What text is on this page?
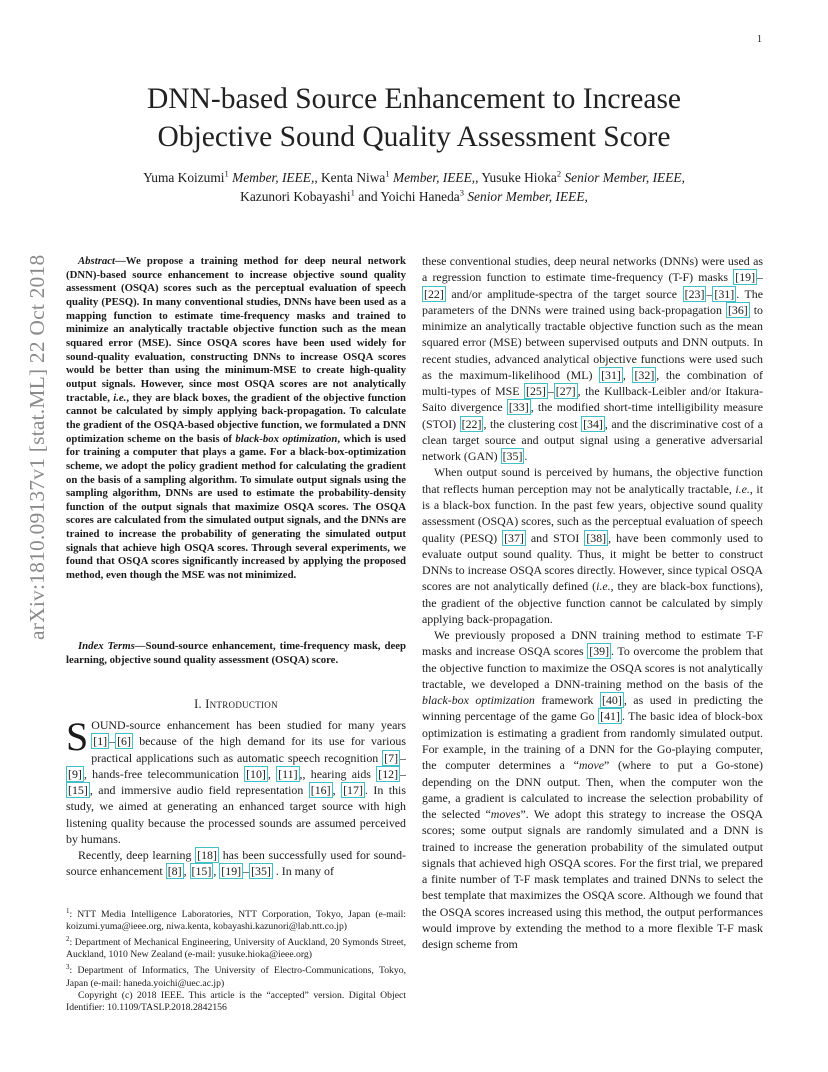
1
DNN-based Source Enhancement to Increase
Objective Sound Quality Assessment Score
Yuma Koizumi$^1$ Member, IEEE,, Kenta Niwa$^1$ Member, IEEE,, Yusuke Hioka$^2$ Senior Member, IEEE,
Kazunori Kobayashi$^1$ and Yoichi Haneda$^3$ Senior Member, IEEE,
arXiv:1810.09137v1 [stat.ML] 22 Oct 2018	Abstract—We propose a training method for deep neural network (DNN)-based source enhancement to increase objective sound quality assessment (OSQA) scores such as the perceptual evaluation of speech quality (PESQ). In many conventional studies, DNNs have been used as a mapping function to estimate time-frequency masks and trained to minimize an analytically tractable objective function such as the mean squared error (MSE). Since OSQA scores have been used widely for sound-quality evaluation, constructing DNNs to increase OSQA scores would be better than using the minimum-MSE to create high-quality output signals. However, since most OSQA scores are not analytically tractable, i.e., they are black boxes, the gradient of the objective function cannot be calculated by simply applying back-propagation. To calculate the gradient of the OSQA-based objective function, we formulated a DNN optimization scheme on the basis of black-box optimization, which is used for training a computer that plays a game. For a black-box-optimization scheme, we adopt the policy gradient method for calculating the gradient on the basis of a sampling algorithm. To simulate output signals using the sampling algorithm, DNNs are used to estimate the probability-density function of the output signals that maximize OSQA scores. The OSQA scores are calculated from the simulated output signals, and the DNNs are trained to increase the probability of generating the simulated output signals that achieve high OSQA scores. Through several experiments, we found that OSQA scores significantly increased by applying the proposed method, even though the MSE was not minimized.
Index Terms—Sound-source enhancement, time-frequency mask, deep learning, objective sound quality assessment (OSQA) score.
I. Introduction

SOUND-source enhancement has been studied for many years [1] – [6] because of the high demand for its use for various practical applications such as automatic speech recognition [7] –[9] , hands-free telecommunication [10] , [11] ,, hearing aids [12] –[15] , and immersive audio field representation [16] , [17] . In this study, we aimed at generating an enhanced target source with high listening quality because the processed sounds are assumed perceived by humans.

Recently, deep learning [18] has been successfully used for sound-source enhancement [8] , [15] , [19] – [35] . In many of

$^1$: NTT Media Intelligence Laboratories, NTT Corporation, Tokyo, Japan (e-mail: koizumi.yuma@ieee.org, niwa.kenta, kobayashi.kazunori@lab.ntt.co.jp)

$^2$: Department of Mechanical Engineering, University of Auckland, 20 Symonds Street, Auckland, 1010 New Zealand (e-mail: yusuke.hioka@ieee.org)

$^3$: Department of Informatics, The University of Electro-Communications, Tokyo, Japan (e-mail: haneda.yoichi@uec.ac.jp)

Copyright (c) 2018 IEEE. This article is the “accepted” version. Digital Object Identifier: 10.1109/TASLP.2018.2842156

these conventional studies, deep neural networks (DNNs) were used as a regression function to estimate time-frequency (T-F) masks [19] –[22] and/or amplitude-spectra of the target source [23] – [31] . The parameters of the DNNs were trained using back-propagation [36] to minimize an analytically tractable objective function such as the mean squared error (MSE) between supervised outputs and DNN outputs. In recent studies, advanced analytical objective functions were used such as the maximum-likelihood (ML) [31] , [32] , the combination of multi-types of MSE [25] – [27] , the Kullback-Leibler and/or Itakura-Saito divergence [33] , the modified short-time intelligibility measure (STOI) [22] , the clustering cost [34] , and the discriminative cost of a clean target source and output signal using a generative adversarial network (GAN) [35] .

When output sound is perceived by humans, the objective function that reflects human perception may not be analytically tractable, i.e., it is a black-box function. In the past few years, objective sound quality assessment (OSQA) scores, such as the perceptual evaluation of speech quality (PESQ) [37] and STOI [38] , have been commonly used to evaluate output sound quality. Thus, it might be better to construct DNNs to increase OSQA scores directly. However, since typical OSQA scores are not analytically defined (i.e., they are black-box functions), the gradient of the objective function cannot be calculated by simply applying back-propagation.

We previously proposed a DNN training method to estimate T-F masks and increase OSQA scores [39] . To overcome the problem that the objective function to maximize the OSQA scores is not analytically tractable, we developed a DNN-training method on the basis of the black-box optimization framework [40] , as used in predicting the winning percentage of the game Go [41] . The basic idea of block-box optimization is estimating a gradient from randomly simulated output. For example, in the training of a DNN for the Go-playing computer, the computer determines a “move” (where to put a Go-stone) depending on the DNN output. Then, when the computer won the game, a gradient is calculated to increase the selection probability of the selected “moves”. We adopt this strategy to increase the OSQA scores; some output signals are randomly simulated and a DNN is trained to increase the generation probability of the simulated output signals that achieved high OSQA scores. For the first trial, we prepared a finite number of T-F mask templates and trained DNNs to select the best template that maximizes the OSQA score. Although we found that the OSQA scores increased using this method, the output performances would improve by extending the method to a more flexible T-F mask design scheme from
